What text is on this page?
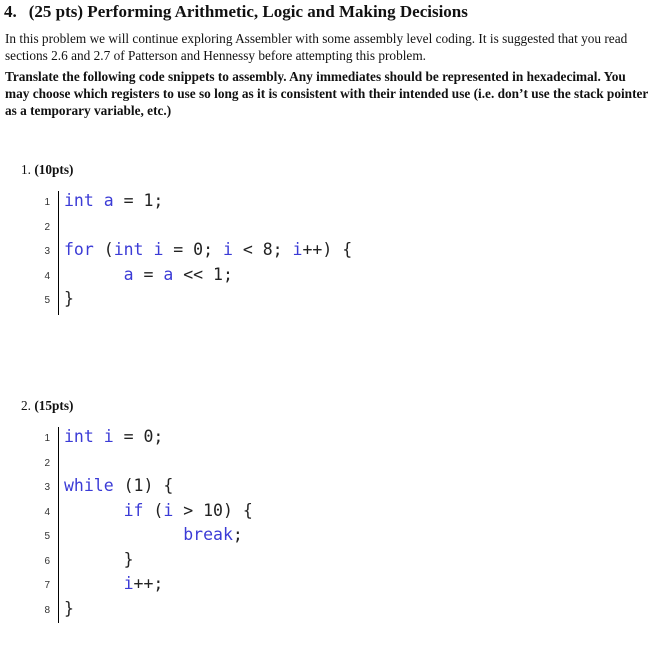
4. (25 pts) Performing Arithmetic, Logic and Making Decisions
In this problem we will continue exploring Assembler with some assembly level coding. It is suggested that you read sections 2.6 and 2.7 of Patterson and Hennessy before attempting this problem.
Translate the following code snippets to assembly. Any immediates should be represented in hexadecimal. You may choose which registers to use so long as it is consistent with their intended use (i.e. don’t use the stack pointer as a temporary variable, etc.)
1. (10pts)

1

int a = 1;

2

3

for (int i = 0; i < 8; i++) {

4

	a = a << 1;

5

}

2. (15pts)

1

int i = 0;

2

3

while (1) {

4

	if (i > 10) {

5

	break;

6

}

7

	i++;

8

}
